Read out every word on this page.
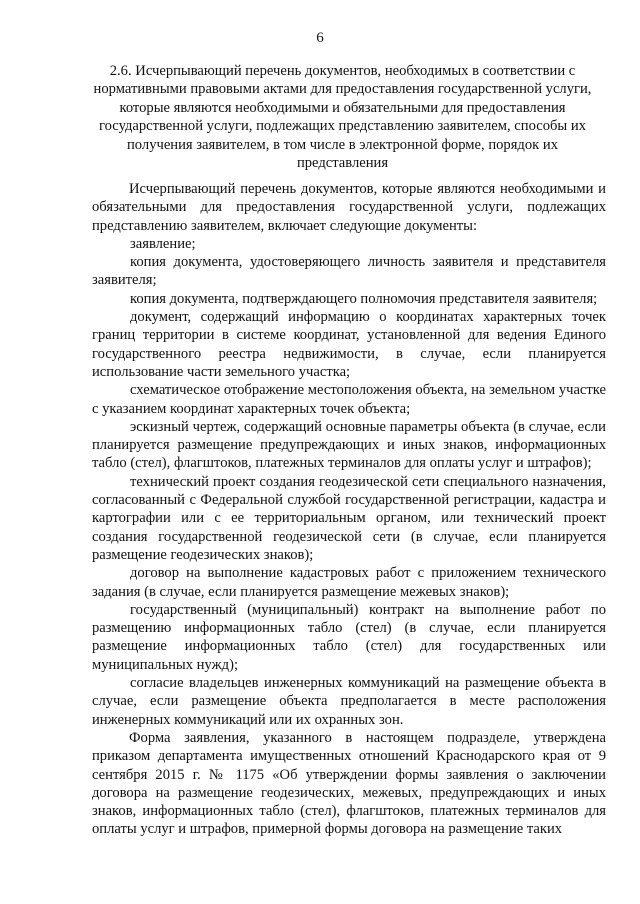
6
2.6. Исчерпывающий перечень документов, необходимых в соответствии с нормативными правовыми актами для предоставления государственной услуги, которые являются необходимыми и обязательными для предоставления государственной услуги, подлежащих представлению заявителем, способы их получения заявителем, в том числе в электронной форме, порядок их представления

Исчерпывающий перечень документов, которые являются необходимыми и обязательными для предоставления государственной услуги, подлежащих представлению заявителем, включает следующие документы:

заявление;

копия документа, удостоверяющего личность заявителя и представителя заявителя;

копия документа, подтверждающего полномочия представителя заявителя;

документ, содержащий информацию о координатах характерных точек границ территории в системе координат, установленной для ведения Единого государственного реестра недвижимости, в случае, если планируется использование части земельного участка;

схематическое отображение местоположения объекта, на земельном участке с указанием координат характерных точек объекта;

эскизный чертеж, содержащий основные параметры объекта (в случае, если планируется размещение предупреждающих и иных знаков, информационных табло (стел), флагштоков, платежных терминалов для оплаты услуг и штрафов);

технический проект создания геодезической сети специального назначения, согласованный с Федеральной службой государственной регистрации, кадастра и картографии или с ее территориальным органом, или технический проект создания государственной геодезической сети (в случае, если планируется размещение геодезических знаков);

договор на выполнение кадастровых работ с приложением технического задания (в случае, если планируется размещение межевых знаков);

государственный (муниципальный) контракт на выполнение работ по размещению информационных табло (стел) (в случае, если планируется размещение информационных табло (стел) для государственных или муниципальных нужд);

согласие владельцев инженерных коммуникаций на размещение объекта в случае, если размещение объекта предполагается в месте расположения инженерных коммуникаций или их охранных зон.

Форма заявления, указанного в настоящем подразделе, утверждена приказом департамента имущественных отношений Краснодарского края от 9 сентября 2015 г. № 1175 «Об утверждении формы заявления о заключении договора на размещение геодезических, межевых, предупреждающих и иных знаков, информационных табло (стел), флагштоков, платежных терминалов для оплаты услуг и штрафов, примерной формы договора на размещение таких
